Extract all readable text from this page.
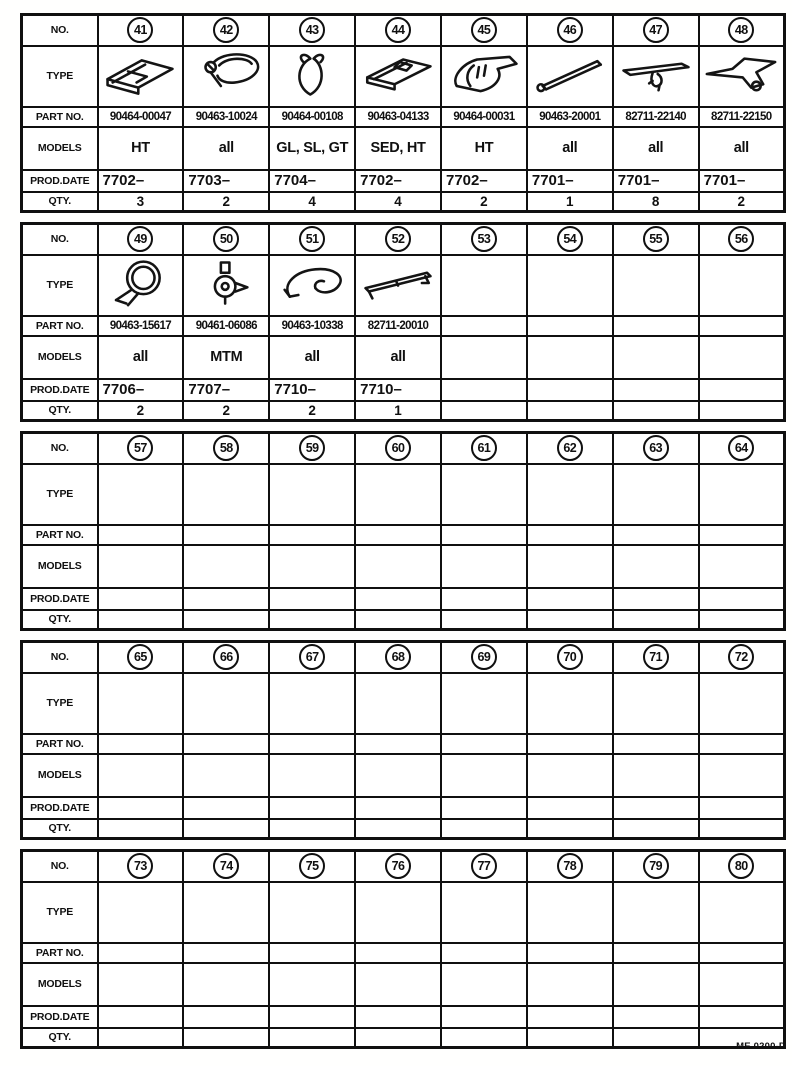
NO.	41	42	43	44	45	46	47	48
TYPE	

PART NO.	90464-00047	90463-10024	90464-00108	90463-04133	90464-00031	90463-20001	82711-22140	82711-22150
MODELS	HT	all	GL, SL, GT	SED, HT	HT	all	all	all
PROD.DATE	7702–	7703–	7704–	7702–	7702–	7701–	7701–	7701–
QTY.	3	2	4	4	2	1	8	2
NO.	49	50	51	52	53	54	55	56
TYPE	

PART NO.	90463-15617	90461-06086	90463-10338	82711-20010				
MODELS	all	MTM	all	all				
PROD.DATE	7706–	7707–	7710–	7710–				
QTY.	2	2	2	1				
NO.	57	58	59	60	61	62	63	64
TYPE								
PART NO.								
MODELS								
PROD.DATE								
QTY.								
NO.	65	66	67	68	69	70	71	72
TYPE								
PART NO.								
MODELS								
PROD.DATE								
QTY.								
NO.	73	74	75	76	77	78	79	80
TYPE								
PART NO.								
MODELS								
PROD.DATE								
QTY.								
ME 0200-D
